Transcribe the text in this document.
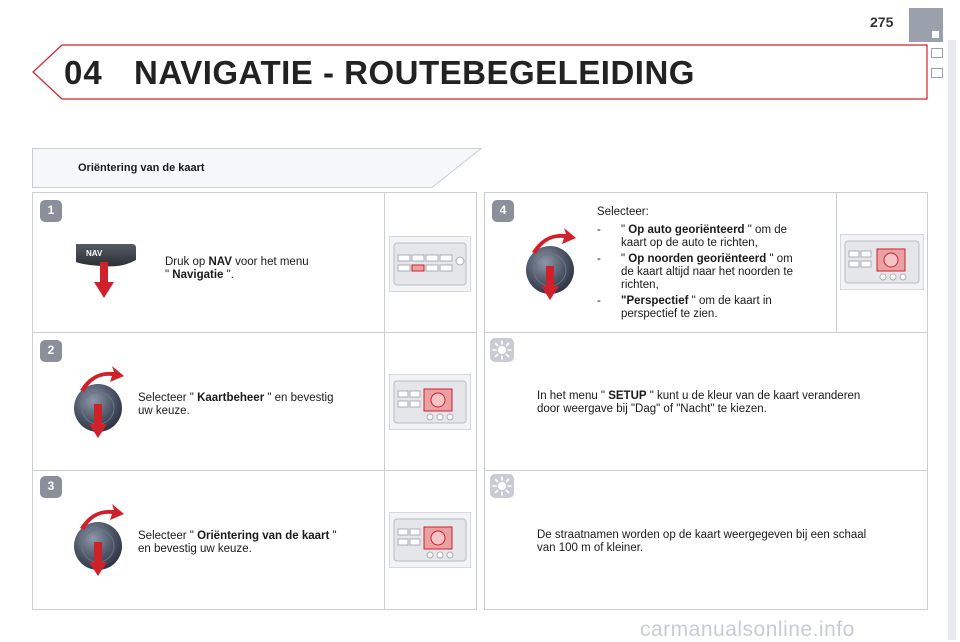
275
04 NAVIGATIE - ROUTEBEGELEIDING
Oriëntering van de kaart
1
2
3
NAV
Druk op NAV voor het menu
" Navigatie ".
Selecteer " Kaartbeheer " en bevestig
uw keuze.
Selecteer " Oriëntering van de kaart "
en bevestig uw keuze.
4	Selecteer:
- " Op auto georiënteerd " om de
kaart op de auto te richten,
- " Op noorden georiënteerd " om
de kaart altijd naar het noorden te
richten,
- "Perspectief " om de kaart in
perspectief te zien.
In het menu " SETUP " kunt u de kleur van de kaart veranderen
door weergave bij "Dag" of "Nacht" te kiezen.
De straatnamen worden op de kaart weergegeven bij een schaal
van 100 m of kleiner.
carmanualsonline.info
